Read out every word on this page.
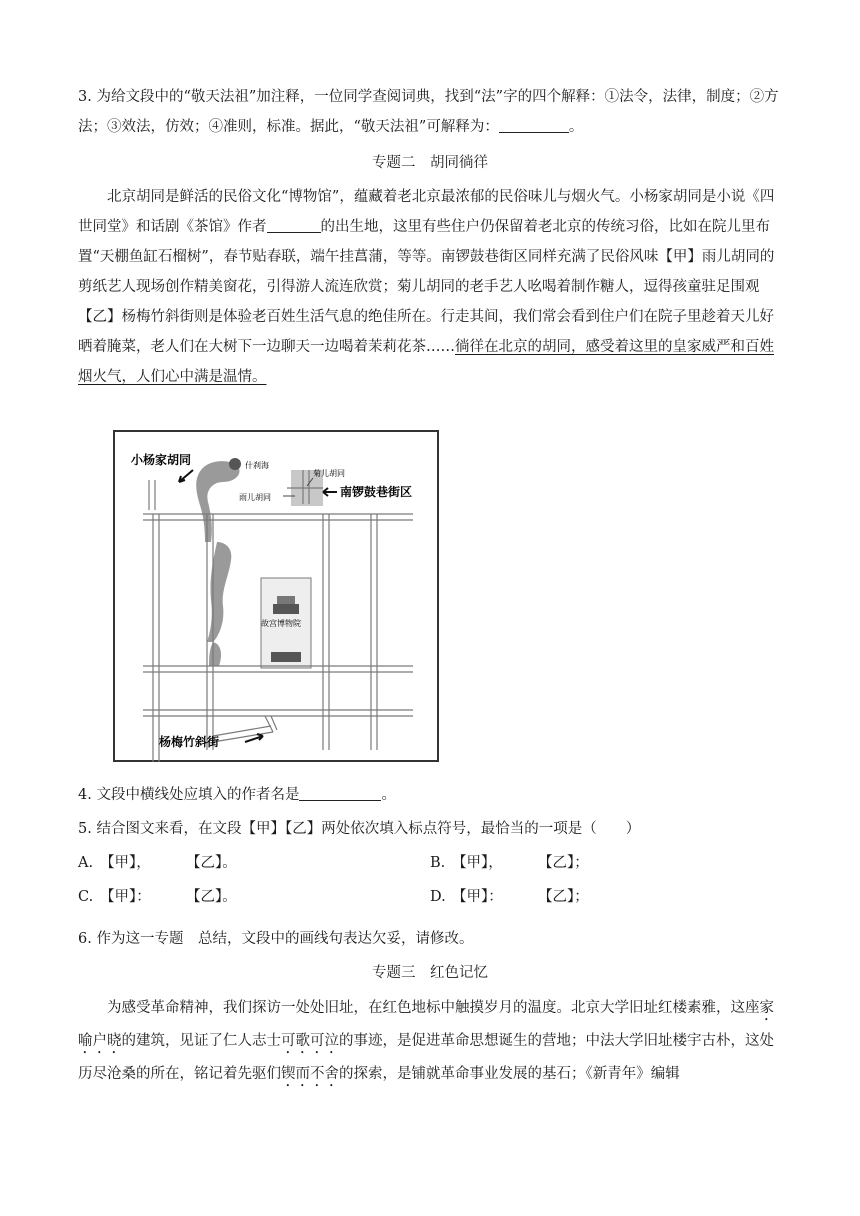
3. 为给文段中的“敬天法祖”加注释，一位同学查阅词典，找到“法”字的四个解释：①法令，法律，制度；②方法；③效法，仿效；④准则，标准。据此，“敬天法祖”可解释为：	。

专题二　胡同徜徉

北京胡同是鲜活的民俗文化“博物馆”，蕴藏着老北京最浓郁的民俗味儿与烟火气。小杨家胡同是小说《四世同堂》和话剧《茶馆》作者	的出生地，这里有些住户仍保留着老北京的传统习俗，比如在院儿里布置“天棚鱼缸石榴树”，春节贴春联，端午挂菖蒲，等等。南锣鼓巷街区同样充满了民俗风味【甲】雨儿胡同的剪纸艺人现场创作精美窗花，引得游人流连欣赏；菊儿胡同的老手艺人吆喝着制作糖人，逗得孩童驻足围观【乙】杨梅竹斜街则是体验老百姓生活气息的绝佳所在。行走其间，我们常会看到住户们在院子里趁着天儿好晒着腌菜，老人们在大树下一边聊天一边喝着茉莉花茶……徜徉在北京的胡同，感受着这里的皇家威严和百姓烟火气，人们心中满是温情。

小杨家胡同	什刹海
菊儿胡同
雨儿胡同	南锣鼓巷街区
故宫博物院
杨梅竹斜街

4. 文段中横线处应填入的作者名是	。

5. 结合图文来看，在文段【甲】【乙】两处依次填入标点符号，最恰当的一项是（　　）

A. 【甲】， 【乙】。	B. 【甲】， 【乙】；
C. 【甲】： 【乙】。	D. 【甲】： 【乙】；

6. 作为这一专题　总结，文段中的画线句表达欠妥，请修改。

专题三　红色记忆

为感受革命精神，我们探访一处处旧址，在红色地标中触摸岁月的温度。北京大学旧址红楼素雅，这座家喻户晓的建筑，见证了仁人志士可歌可泣的事迹，是促进革命思想诞生的营地；中法大学旧址楼宇古朴，这处历尽沧桑的所在，铭记着先驱们锲而不舍的探索，是铺就革命事业发展的基石；《新青年》编辑
